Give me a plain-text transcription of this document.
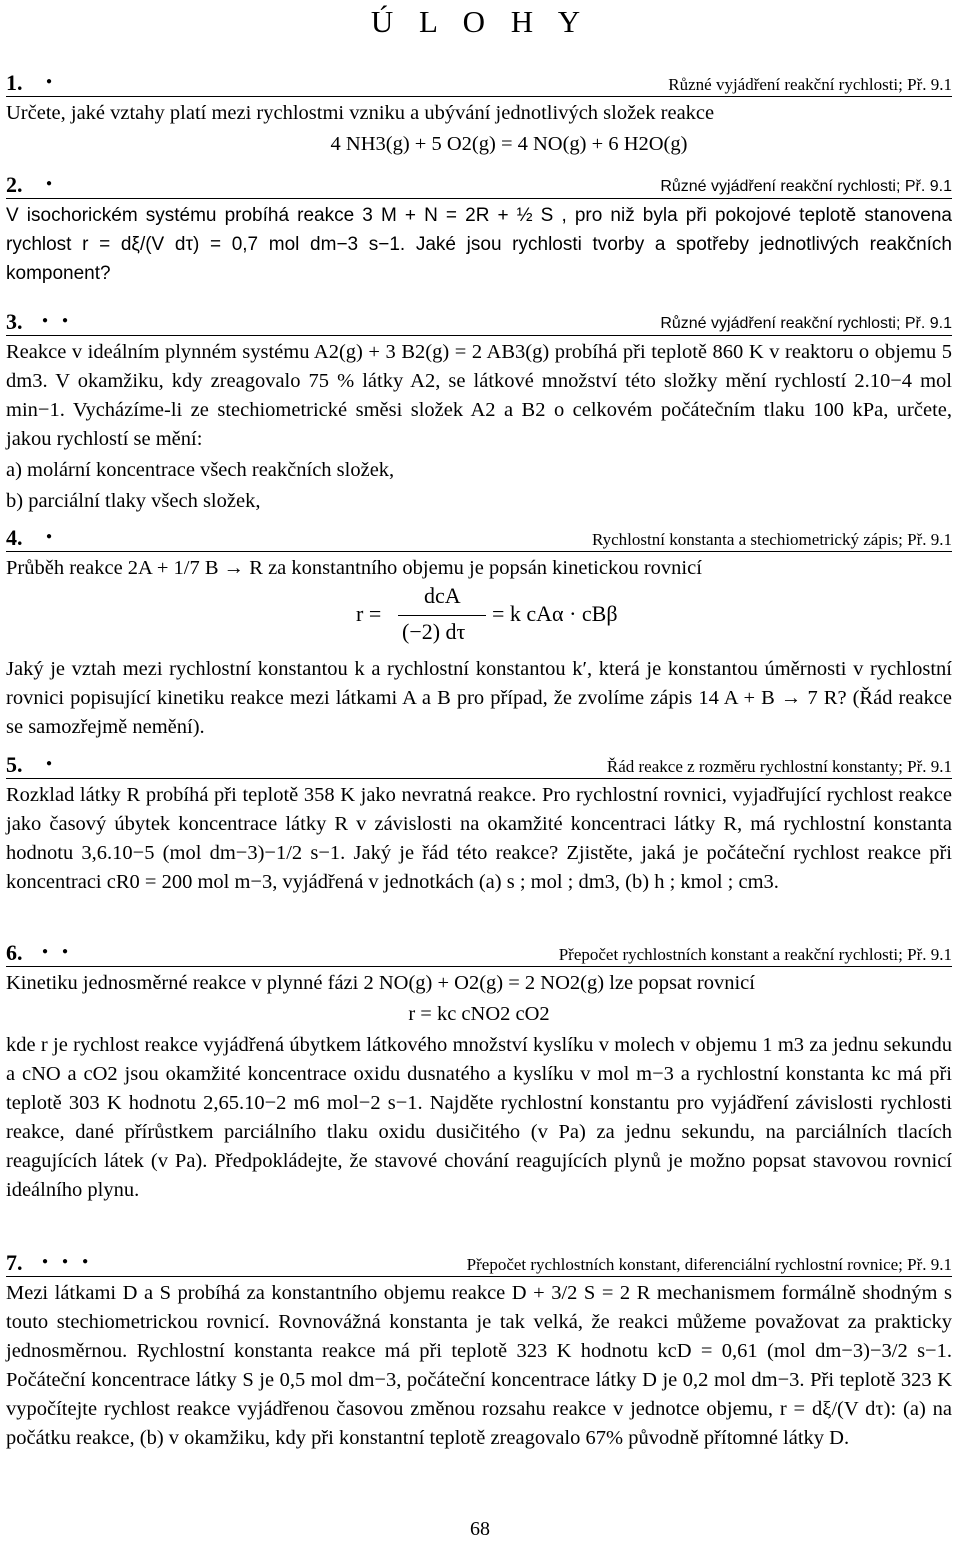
Ú L O H Y
1. ●	Různé vyjádření reakční rychlosti; Př. 9.1
Určete, jaké vztahy platí mezi rychlostmi vzniku a ubývání jednotlivých složek reakce
4 NH3(g) + 5 O2(g) = 4 NO(g) + 6 H2O(g)
2. ●	Různé vyjádření reakční rychlosti; Př. 9.1
V isochorickém systému probíhá reakce 3 M + N = 2R + ½ S , pro niž byla při pokojové teplotě stanovena rychlost r = dξ/(V dτ) = 0,7 mol dm−3 s−1. Jaké jsou rychlosti tvorby a spotřeby jednotlivých reakčních komponent?
3. ●●	Různé vyjádření reakční rychlosti; Př. 9.1
Reakce v ideálním plynném systému A2(g) + 3 B2(g) = 2 AB3(g) probíhá při teplotě 860 K v reaktoru o objemu 5 dm3. V okamžiku, kdy zreagovalo 75 % látky A2, se látkové množství této složky mění rychlostí 2.10−4 mol min−1. Vycházíme-li ze stechiometrické směsi složek A2 a B2 o celkovém počátečním tlaku 100 kPa, určete, jakou rychlostí se mění:
a) molární koncentrace všech reakčních složek,
b) parciální tlaky všech složek,
4. ●	Rychlostní konstanta a stechiometrický zápis; Př. 9.1
Průběh reakce 2A + 1/7 B → R za konstantního objemu je popsán kinetickou rovnicí
r =
dcA
(−2) dτ
= k cAα · cBβ
Jaký je vztah mezi rychlostní konstantou k a rychlostní konstantou k′, která je konstantou úměrnosti v rychlostní rovnici popisující kinetiku reakce mezi látkami A a B pro případ, že zvolíme zápis 14 A + B → 7 R? (Řád reakce se samozřejmě nemění).
5. ●	Řád reakce z rozměru rychlostní konstanty; Př. 9.1
Rozklad látky R probíhá při teplotě 358 K jako nevratná reakce. Pro rychlostní rovnici, vyjadřující rychlost reakce jako časový úbytek koncentrace látky R v závislosti na okamžité koncentraci látky R, má rychlostní konstanta hodnotu 3,6.10−5 (mol dm−3)−1/2 s−1. Jaký je řád této reakce? Zjistěte, jaká je počáteční rychlost reakce při koncentraci cR0 = 200 mol m−3, vyjádřená v jednotkách (a) s ; mol ; dm3, (b) h ; kmol ; cm3.
6. ●●	Přepočet rychlostních konstant a reakční rychlosti; Př. 9.1
Kinetiku jednosměrné reakce v plynné fázi 2 NO(g) + O2(g) = 2 NO2(g) lze popsat rovnicí
r = kc cNO2 cO2
kde r je rychlost reakce vyjádřená úbytkem látkového množství kyslíku v molech v objemu 1 m3 za jednu sekundu a cNO a cO2 jsou okamžité koncentrace oxidu dusnatého a kyslíku v mol m−3 a rychlostní konstanta kc má při teplotě 303 K hodnotu 2,65.10−2 m6 mol−2 s−1. Najděte rychlostní konstantu pro vyjádření závislosti rychlosti reakce, dané přírůstkem parciálního tlaku oxidu dusičitého (v Pa) za jednu sekundu, na parciálních tlacích reagujících látek (v Pa). Předpokládejte, že stavové chování reagujících plynů je možno popsat stavovou rovnicí ideálního plynu.
7. ●●●	Přepočet rychlostních konstant, diferenciální rychlostní rovnice; Př. 9.1
Mezi látkami D a S probíhá za konstantního objemu reakce D + 3/2 S = 2 R mechanismem formálně shodným s touto stechiometrickou rovnicí. Rovnovážná konstanta je tak velká, že reakci můžeme považovat za prakticky jednosměrnou. Rychlostní konstanta reakce má při teplotě 323 K hodnotu kcD = 0,61 (mol dm−3)−3/2 s−1. Počáteční koncentrace látky S je 0,5 mol dm−3, počáteční koncentrace látky D je 0,2 mol dm−3. Při teplotě 323 K vypočítejte rychlost reakce vyjádřenou časovou změnou rozsahu reakce v jednotce objemu, r = dξ/(V dτ): (a) na počátku reakce, (b) v okamžiku, kdy při konstantní teplotě zreagovalo 67% původně přítomné látky D.
68
